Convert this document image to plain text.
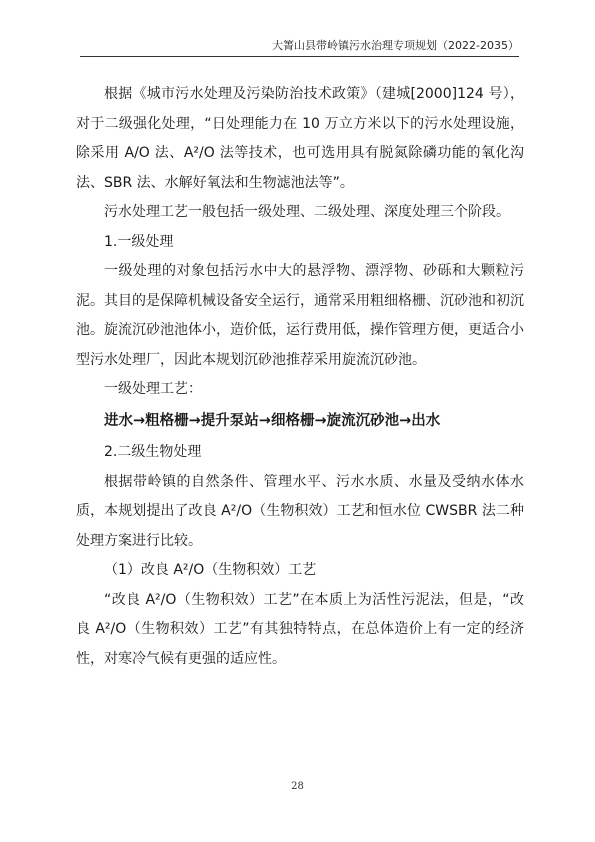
大箐山县带岭镇污水治理专项规划（2022-2035）

根据《城市污水处理及污染防治技术政策》（建城[2000]124 号），对于二级强化处理，“日处理能力在 10 万立方米以下的污水处理设施，除采用 A/O 法、A²/O 法等技术，也可选用具有脱氮除磷功能的氧化沟法、SBR 法、水解好氧法和生物滤池法等”。

污水处理工艺一般包括一级处理、二级处理、深度处理三个阶段。

1.一级处理

一级处理的对象包括污水中大的悬浮物、漂浮物、砂砾和大颗粒污泥。其目的是保障机械设备安全运行，通常采用粗细格栅、沉砂池和初沉池。旋流沉砂池池体小，造价低，运行费用低，操作管理方便，更适合小型污水处理厂，因此本规划沉砂池推荐采用旋流沉砂池。

一级处理工艺：

进水→粗格栅→提升泵站→细格栅→旋流沉砂池→出水

2.二级生物处理

根据带岭镇的自然条件、管理水平、污水水质、水量及受纳水体水质，本规划提出了改良 A²/O（生物积效）工艺和恒水位 CWSBR 法二种处理方案进行比较。

（1）改良 A²/O（生物积效）工艺

“改良 A²/O（生物积效）工艺”在本质上为活性污泥法，但是，“改良 A²/O（生物积效）工艺”有其独特特点，在总体造价上有一定的经济性，对寒冷气候有更强的适应性。

28
